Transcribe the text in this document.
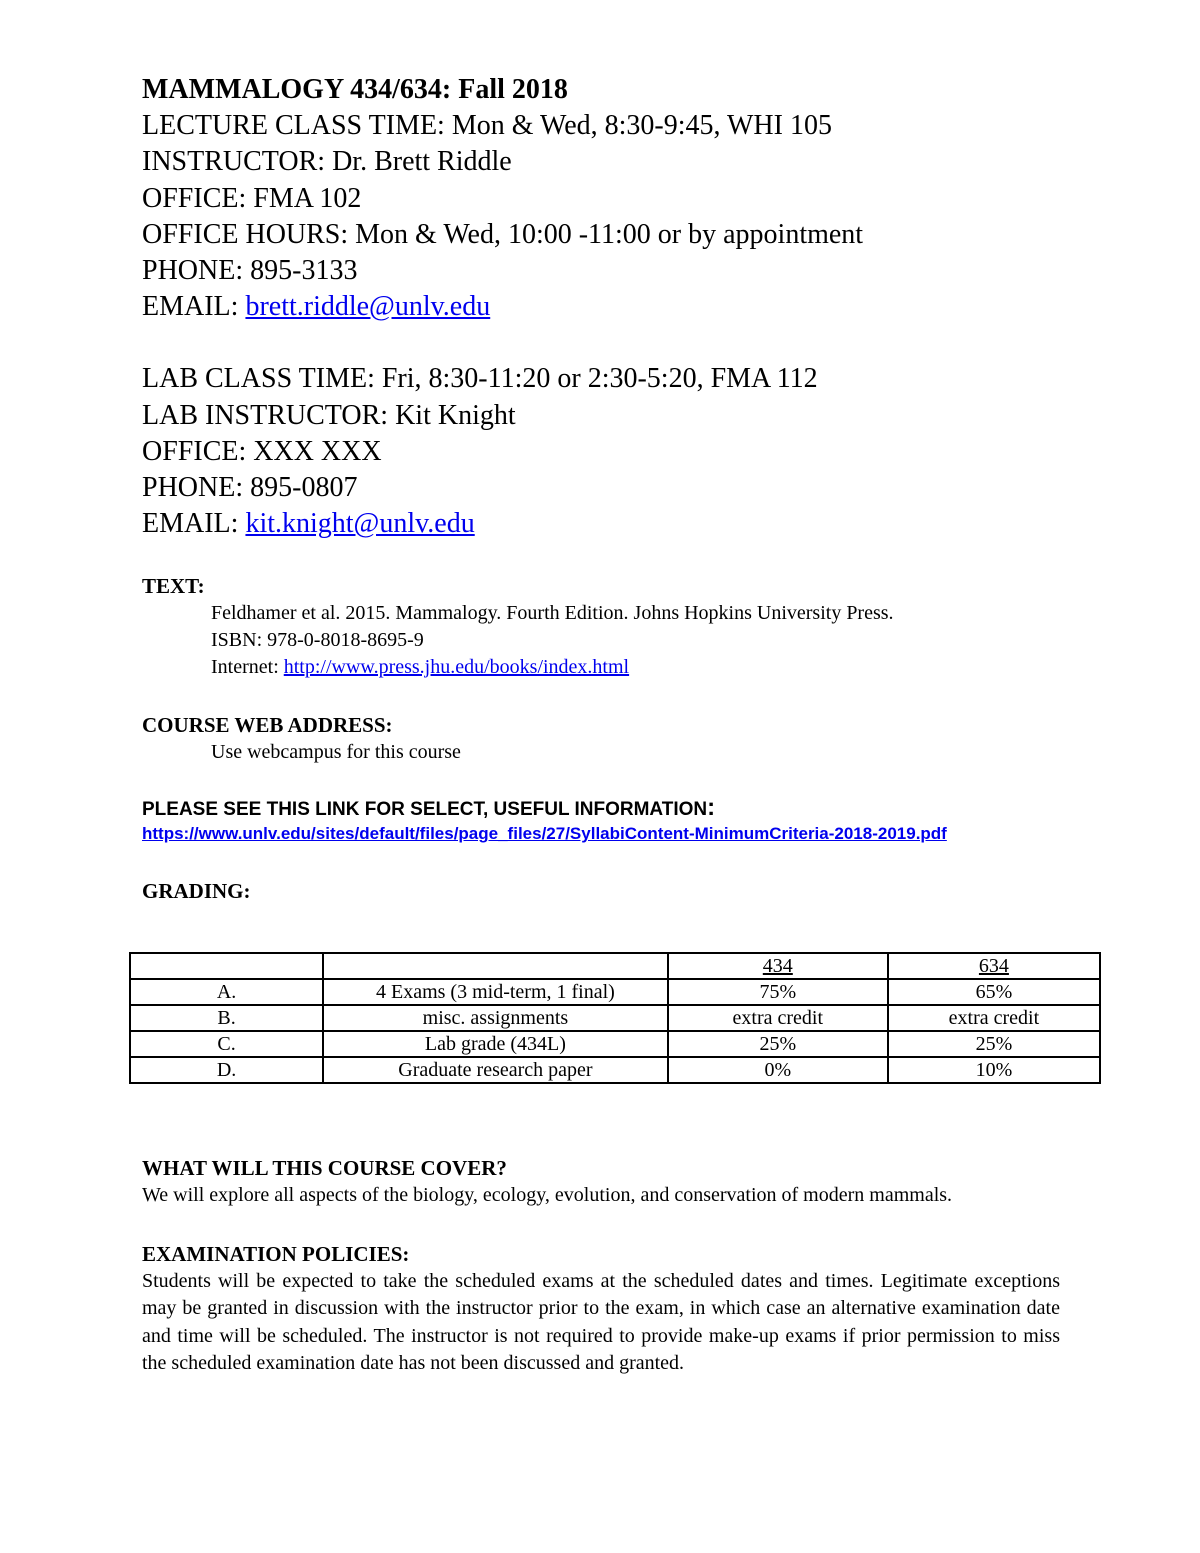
MAMMALOGY 434/634: Fall 2018
LECTURE CLASS TIME: Mon & Wed, 8:30-9:45, WHI 105
INSTRUCTOR: Dr. Brett Riddle
OFFICE: FMA 102
OFFICE HOURS: Mon & Wed, 10:00 -11:00 or by appointment
PHONE: 895-3133
EMAIL: brett.riddle@unlv.edu
LAB CLASS TIME: Fri, 8:30-11:20 or 2:30-5:20, FMA 112
LAB INSTRUCTOR: Kit Knight
OFFICE: XXX XXX
PHONE: 895-0807
EMAIL: kit.knight@unlv.edu
TEXT:
Feldhamer et al. 2015. Mammalogy. Fourth Edition. Johns Hopkins University Press.
ISBN: 978-0-8018-8695-9
Internet: http://www.press.jhu.edu/books/index.html
COURSE WEB ADDRESS:
Use webcampus for this course
PLEASE SEE THIS LINK FOR SELECT, USEFUL INFORMATION:
https://www.unlv.edu/sites/default/files/page_files/27/SyllabiContent-MinimumCriteria-2018-2019.pdf
GRADING:
		434	634
A.	4 Exams (3 mid-term, 1 final)	75%	65%
B.	misc. assignments	extra credit	extra credit
C.	Lab grade (434L)	25%	25%
D.	Graduate research paper	0%	10%
WHAT WILL THIS COURSE COVER?
We will explore all aspects of the biology, ecology, evolution, and conservation of modern mammals.
EXAMINATION POLICIES:
Students will be expected to take the scheduled exams at the scheduled dates and times. Legitimate exceptions may be granted in discussion with the instructor prior to the exam, in which case an alternative examination date and time will be scheduled. The instructor is not required to provide make-up exams if prior permission to miss the scheduled examination date has not been discussed and granted.
